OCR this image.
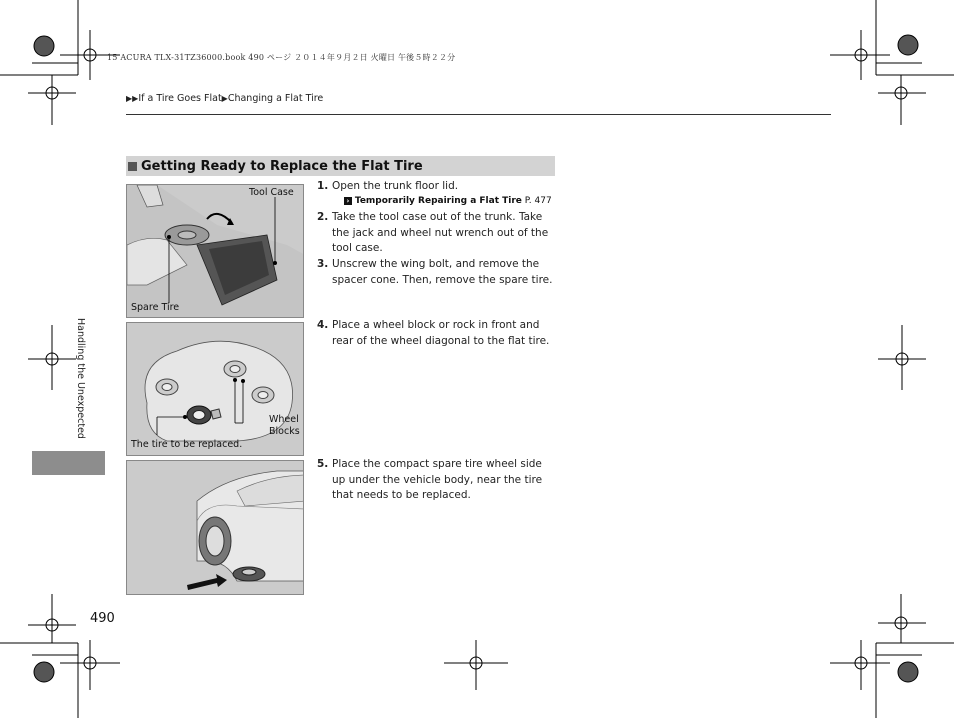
15 ACURA TLX-31TZ36000.book 490 ページ ２０１４年９月２日 火曜日 午後５時２２分
▶▶If a Tire Goes Flat▶Changing a Flat Tire
Getting Ready to Replace the Flat Tire
Tool Case
Spare Tire
Wheel
Blocks
The tire to be replaced.
1. Open the trunk floor lid.
› Temporarily Repairing a Flat Tire P. 477
2. Take the tool case out of the trunk. Take the jack and wheel nut wrench out of the tool case.
3. Unscrew the wing bolt, and remove the spacer cone. Then, remove the spare tire.
4. Place a wheel block or rock in front and rear of the wheel diagonal to the flat tire.
5. Place the compact spare tire wheel side up under the vehicle body, near the tire that needs to be replaced.
Handling the Unexpected
490
